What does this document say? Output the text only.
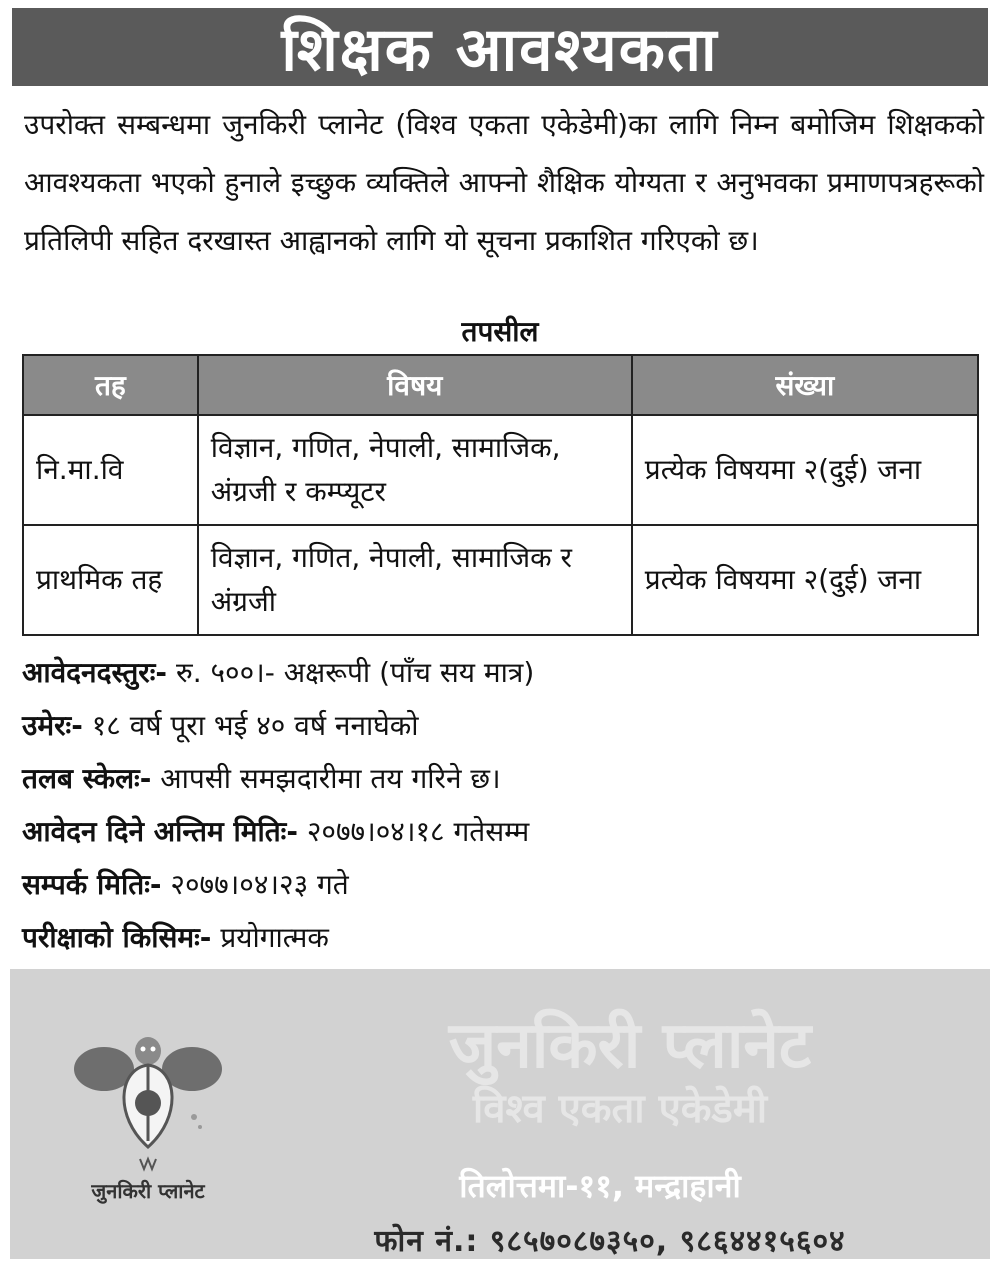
शिक्षक आवश्यकता

उपरोक्त सम्बन्धमा जुनकिरी प्लानेट (विश्व एकता एकेडेमी)का लागि निम्न बमोजिम शिक्षकको आवश्यकता भएको हुनाले इच्छुक व्यक्तिले आफ्नो शैक्षिक योग्यता र अनुभवका प्रमाणपत्रहरूको प्रतिलिपी सहित दरखास्त आह्वानको लागि यो सूचना प्रकाशित गरिएको छ।

तपसील
तह	विषय	संख्या
नि.मा.वि	विज्ञान, गणित, नेपाली, सामाजिक, अंग्रजी र कम्प्यूटर	प्रत्येक विषयमा २(दुई) जना
प्राथमिक तह	विज्ञान, गणित, नेपाली, सामाजिक र अंग्रजी	प्रत्येक विषयमा २(दुई) जना
आवेदनदस्तुरः- रु. ५००।- अक्षरूपी (पाँच सय मात्र)
उमेरः- १८ वर्ष पूरा भई ४० वर्ष ननाघेको
तलब स्केलः- आपसी समझदारीमा तय गरिने छ।
आवेदन दिने अन्तिम मितिः- २०७७।०४।१८ गतेसम्म
सम्पर्क मितिः- २०७७।०४।२३ गते
परीक्षाको किसिमः- प्रयोगात्मक
जुनकिरी प्लानेट
जुनकिरी प्लानेट
विश्व एकता एकेडेमी
तिलोत्तमा-११, मन्द्राहानी
फोन नं.: ९८५७०८७३५०, ९८६४४१५६०४
